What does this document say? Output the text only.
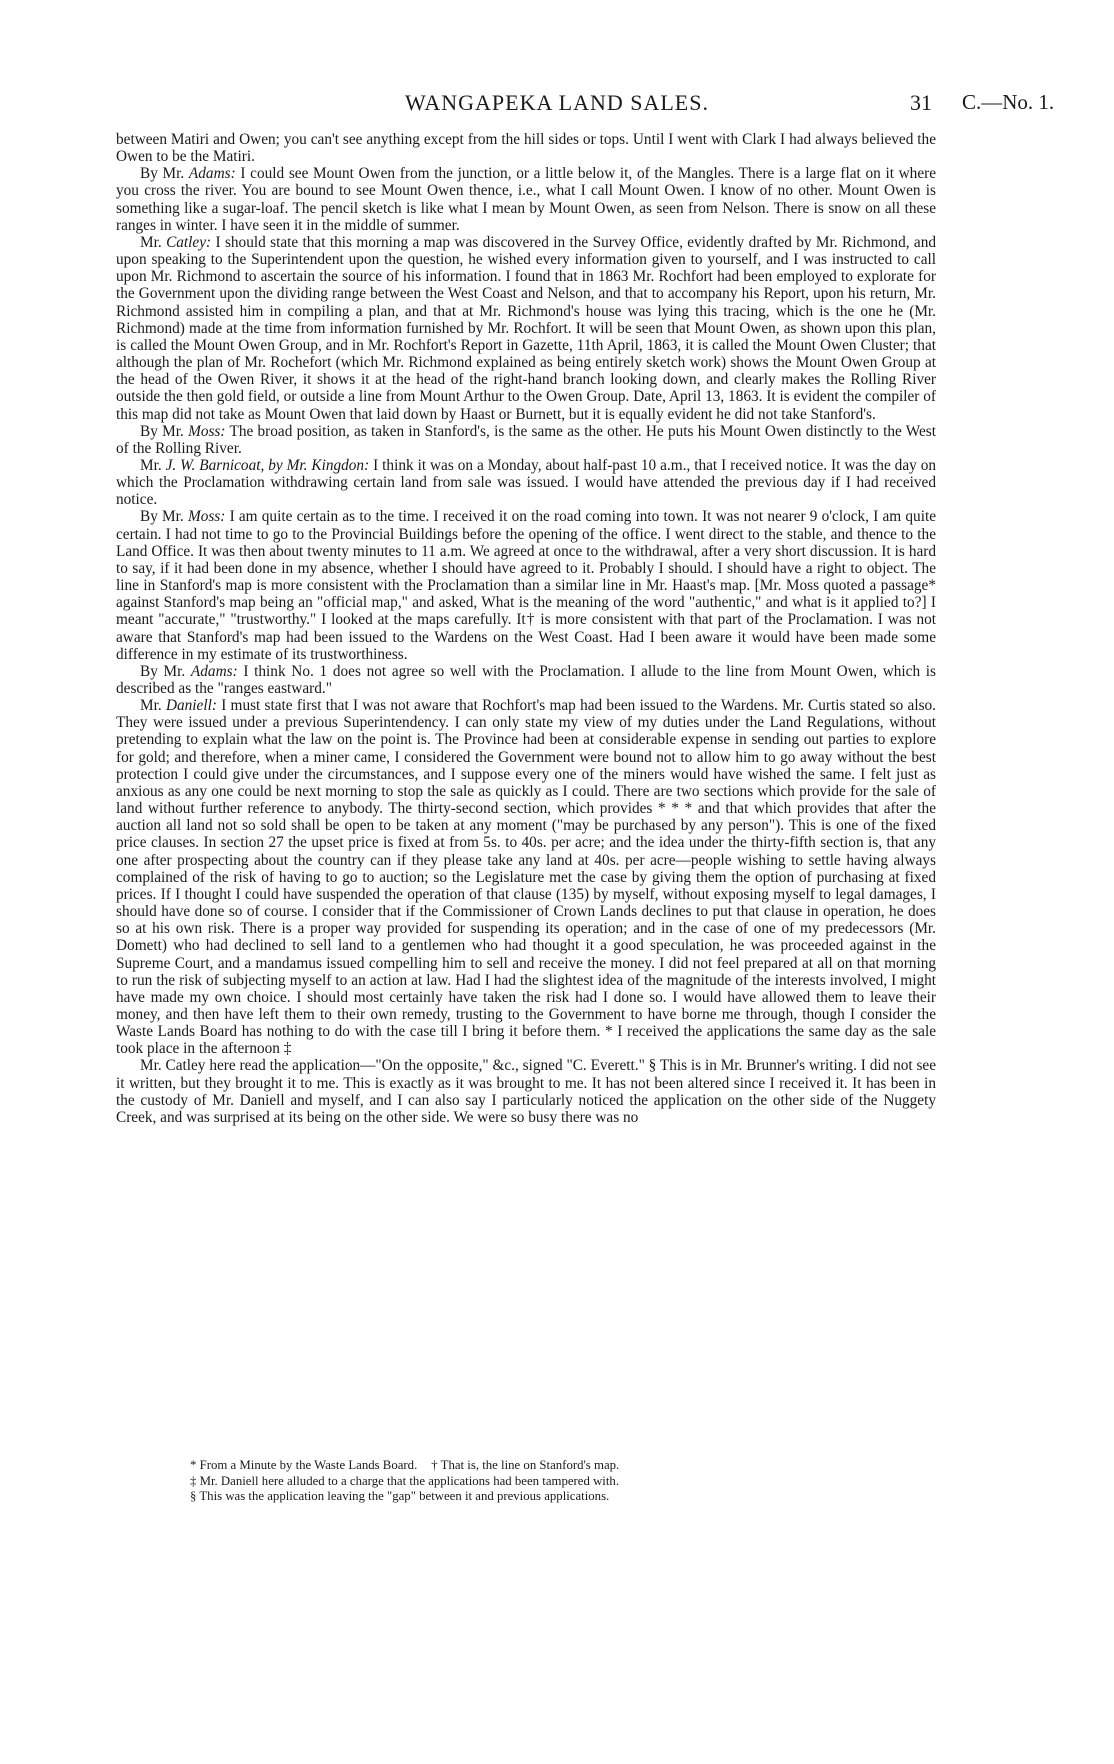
WANGAPEKA LAND SALES.	31 C.—No. 1.

between Matiri and Owen; you can't see anything except from the hill sides or tops. Until I went with Clark I had always believed the Owen to be the Matiri.

By Mr. Adams: I could see Mount Owen from the junction, or a little below it, of the Mangles. There is a large flat on it where you cross the river. You are bound to see Mount Owen thence, i.e., what I call Mount Owen. I know of no other. Mount Owen is something like a sugar-loaf. The pencil sketch is like what I mean by Mount Owen, as seen from Nelson. There is snow on all these ranges in winter. I have seen it in the middle of summer.

Mr. Catley: I should state that this morning a map was discovered in the Survey Office, evidently drafted by Mr. Richmond, and upon speaking to the Superintendent upon the question, he wished every information given to yourself, and I was instructed to call upon Mr. Richmond to ascertain the source of his information. I found that in 1863 Mr. Rochfort had been employed to explorate for the Government upon the dividing range between the West Coast and Nelson, and that to accompany his Report, upon his return, Mr. Richmond assisted him in compiling a plan, and that at Mr. Richmond's house was lying this tracing, which is the one he (Mr. Richmond) made at the time from information furnished by Mr. Rochfort. It will be seen that Mount Owen, as shown upon this plan, is called the Mount Owen Group, and in Mr. Rochfort's Report in Gazette, 11th April, 1863, it is called the Mount Owen Cluster; that although the plan of Mr. Rochefort (which Mr. Richmond explained as being entirely sketch work) shows the Mount Owen Group at the head of the Owen River, it shows it at the head of the right-hand branch looking down, and clearly makes the Rolling River outside the then gold field, or outside a line from Mount Arthur to the Owen Group. Date, April 13, 1863. It is evident the compiler of this map did not take as Mount Owen that laid down by Haast or Burnett, but it is equally evident he did not take Stanford's.

By Mr. Moss: The broad position, as taken in Stanford's, is the same as the other. He puts his Mount Owen distinctly to the West of the Rolling River.

Mr. J. W. Barnicoat, by Mr. Kingdon: I think it was on a Monday, about half-past 10 a.m., that I received notice. It was the day on which the Proclamation withdrawing certain land from sale was issued. I would have attended the previous day if I had received notice.

By Mr. Moss: I am quite certain as to the time. I received it on the road coming into town. It was not nearer 9 o'clock, I am quite certain. I had not time to go to the Provincial Buildings before the opening of the office. I went direct to the stable, and thence to the Land Office. It was then about twenty minutes to 11 a.m. We agreed at once to the withdrawal, after a very short discussion. It is hard to say, if it had been done in my absence, whether I should have agreed to it. Probably I should. I should have a right to object. The line in Stanford's map is more consistent with the Proclamation than a similar line in Mr. Haast's map. [Mr. Moss quoted a passage* against Stanford's map being an "official map," and asked, What is the meaning of the word "authentic," and what is it applied to?] I meant "accurate," "trustworthy." I looked at the maps carefully. It† is more consistent with that part of the Proclamation. I was not aware that Stanford's map had been issued to the Wardens on the West Coast. Had I been aware it would have been made some difference in my estimate of its trustworthiness.

By Mr. Adams: I think No. 1 does not agree so well with the Proclamation. I allude to the line from Mount Owen, which is described as the "ranges eastward."

Mr. Daniell: I must state first that I was not aware that Rochfort's map had been issued to the Wardens. Mr. Curtis stated so also. They were issued under a previous Superintendency. I can only state my view of my duties under the Land Regulations, without pretending to explain what the law on the point is. The Province had been at considerable expense in sending out parties to explore for gold; and therefore, when a miner came, I considered the Government were bound not to allow him to go away without the best protection I could give under the circumstances, and I suppose every one of the miners would have wished the same. I felt just as anxious as any one could be next morning to stop the sale as quickly as I could. There are two sections which provide for the sale of land without further reference to anybody. The thirty-second section, which provides * * * and that which provides that after the auction all land not so sold shall be open to be taken at any moment ("may be purchased by any person"). This is one of the fixed price clauses. In section 27 the upset price is fixed at from 5s. to 40s. per acre; and the idea under the thirty-fifth section is, that any one after prospecting about the country can if they please take any land at 40s. per acre—people wishing to settle having always complained of the risk of having to go to auction; so the Legislature met the case by giving them the option of purchasing at fixed prices. If I thought I could have suspended the operation of that clause (135) by myself, without exposing myself to legal damages, I should have done so of course. I consider that if the Commissioner of Crown Lands declines to put that clause in operation, he does so at his own risk. There is a proper way provided for suspending its operation; and in the case of one of my predecessors (Mr. Domett) who had declined to sell land to a gentlemen who had thought it a good speculation, he was proceeded against in the Supreme Court, and a mandamus issued compelling him to sell and receive the money. I did not feel prepared at all on that morning to run the risk of subjecting myself to an action at law. Had I had the slightest idea of the magnitude of the interests involved, I might have made my own choice. I should most certainly have taken the risk had I done so. I would have allowed them to leave their money, and then have left them to their own remedy, trusting to the Government to have borne me through, though I consider the Waste Lands Board has nothing to do with the case till I bring it before them. * I received the applications the same day as the sale took place in the afternoon ‡

Mr. Catley here read the application—"On the opposite," &c., signed "C. Everett." § This is in Mr. Brunner's writing. I did not see it written, but they brought it to me. This is exactly as it was brought to me. It has not been altered since I received it. It has been in the custody of Mr. Daniell and myself, and I can also say I particularly noticed the application on the other side of the Nuggety Creek, and was surprised at its being on the other side. We were so busy there was no

* From a Minute by the Waste Lands Board. † That is, the line on Stanford's map.
‡ Mr. Daniell here alluded to a charge that the applications had been tampered with.
§ This was the application leaving the "gap" between it and previous applications.
